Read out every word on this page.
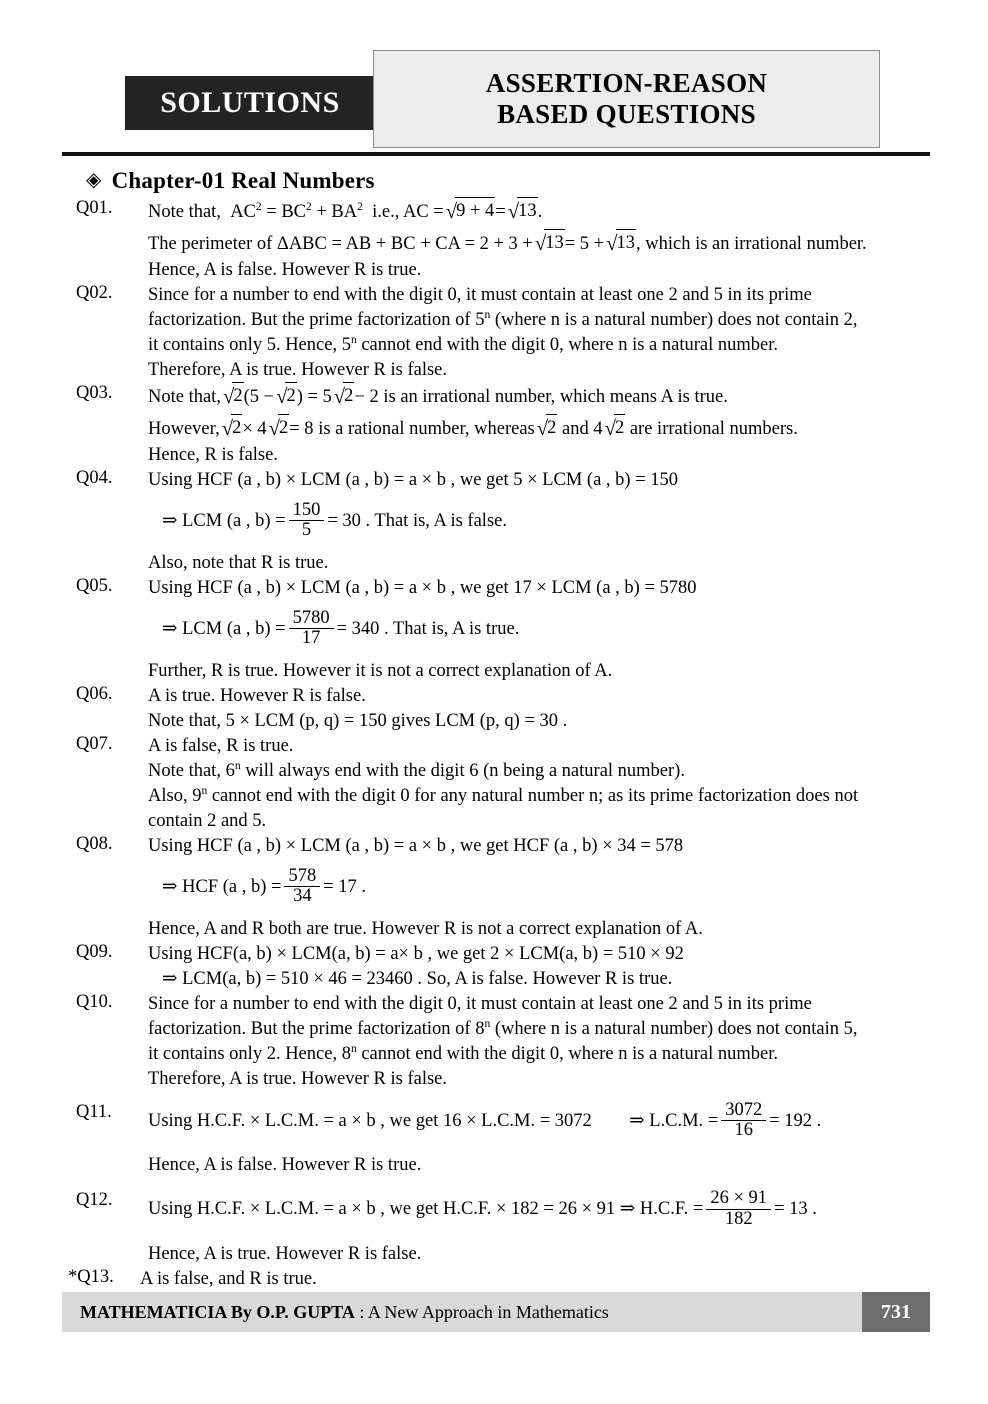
SOLUTIONS
ASSERTION-REASON
BASED QUESTIONS
◈ Chapter-01 Real Numbers
Q01.	Note that, $AC^2 = BC^2 + BA^2$ i.e., AC =√9 + 4=√13.
The perimeter of ΔABC = AB + BC + CA = 2 + 3 +√13= 5 +√13, which is an irrational number.
Hence, A is false. However R is true.
Q02.	Since for a number to end with the digit 0, it must contain at least one 2 and 5 in its prime
factorization. But the prime factorization of 5$^n$ (where n is a natural number) does not contain 2,
it contains only 5. Hence, 5$^n$ cannot end with the digit 0, where n is a natural number.
Therefore, A is true. However R is false.
Q03.	Note that,√2(5 −√2) = 5√2− 2 is an irrational number, which means A is true.
However,√2× 4√2= 8 is a rational number, whereas√2 and 4√2 are irrational numbers.
Hence, R is false.
Q04.	Using HCF (a , b) × LCM (a , b) = a × b , we get 5 × LCM (a , b) = 150
⇒ LCM (a , $b) = \frac{150}{5} = 30$ . That is, A is false.
Also, note that R is true.
Q05.	Using HCF (a , b) × LCM (a , b) = a × b , we get 17 × LCM (a , b) = 5780
⇒ LCM (a , $b) = \frac{5780}{17} = 340$ . That is, A is true.
Further, R is true. However it is not a correct explanation of A.
Q06.	A is true. However R is false.
Note that, 5 × LCM (p, q) = 150 gives LCM (p, q) = 30 .
Q07.	A is false, R is true.
Note that, 6$^n$ will always end with the digit 6 (n being a natural number).
Also, 9$^n$ cannot end with the digit 0 for any natural number n; as its prime factorization does not
contain 2 and 5.
Q08.	Using HCF (a , b) × LCM (a , b) = a × b , we get HCF (a , b) × 34 = 578
⇒ HCF (a , $b) = \frac{578}{34} = 17$ .
Hence, A and R both are true. However R is not a correct explanation of A.
Q09.	Using HCF(a, b) × LCM(a, b) = a× b , we get 2 × LCM(a, b) = 510 × 92
⇒ LCM(a, b) = 510 × 46 = 23460 . So, A is false. However R is true.
Q10.	Since for a number to end with the digit 0, it must contain at least one 2 and 5 in its prime
factorization. But the prime factorization of 8$^n$ (where n is a natural number) does not contain 5,
it contains only 2. Hence, 8$^n$ cannot end with the digit 0, where n is a natural number.
Therefore, A is true. However R is false.
Q11.	Using H.C.F. × L.C.M. = a × b , we get 16 × L.C.M. = 3072 ⇒ L.C.M. = $\frac{3072}{16} = 192$ .
Hence, A is false. However R is true.
Q12.	Using H.C.F. × L.C.M. = a × b , we get H.C.F. × 182 = 26 × 91 ⇒ H.C.F. = $\frac{26 \times 91}{182} = 13$ .
Hence, A is true. However R is false.
*Q13.	A is false, and R is true.
MATHEMATICIA By O.P. GUPTA : A New Approach in Mathematics	731
